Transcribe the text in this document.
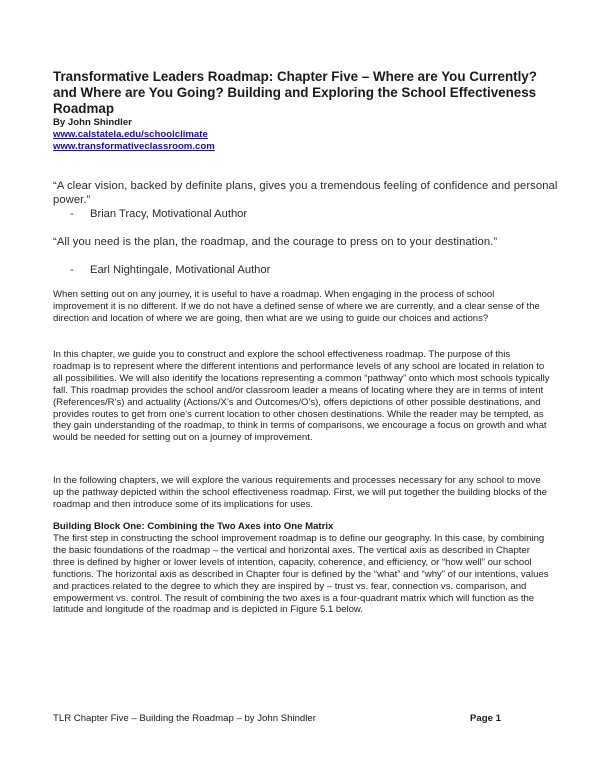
Transformative Leaders Roadmap: Chapter Five – Where are You Currently? and Where are You Going? Building and Exploring the School Effectiveness Roadmap
By John Shindler
www.calstatela.edu/schoolclimate
www.transformativeclassroom.com
“A clear vision, backed by definite plans, gives you a tremendous feeling of confidence and personal power.”
- Brian Tracy, Motivational Author
“All you need is the plan, the roadmap, and the courage to press on to your destination.”
- Earl Nightingale, Motivational Author
When setting out on any journey, it is useful to have a roadmap. When engaging in the process of school improvement it is no different. If we do not have a defined sense of where we are currently, and a clear sense of the direction and location of where we are going, then what are we using to guide our choices and actions?
In this chapter, we guide you to construct and explore the school effectiveness roadmap. The purpose of this roadmap is to represent where the different intentions and performance levels of any school are located in relation to all possibilities. We will also identify the locations representing a common “pathway” onto which most schools typically fall. This roadmap provides the school and/or classroom leader a means of locating where they are in terms of intent (References/R’s) and actuality (Actions/X’s and Outcomes/O’s), offers depictions of other possible destinations, and provides routes to get from one’s current location to other chosen destinations. While the reader may be tempted, as they gain understanding of the roadmap, to think in terms of comparisons, we encourage a focus on growth and what would be needed for setting out on a journey of improvement.
In the following chapters, we will explore the various requirements and processes necessary for any school to move up the pathway depicted within the school effectiveness roadmap. First, we will put together the building blocks of the roadmap and then introduce some of its implications for uses.
Building Block One: Combining the Two Axes into One Matrix
The first step in constructing the school improvement roadmap is to define our geography. In this case, by combining the basic foundations of the roadmap – the vertical and horizontal axes. The vertical axis as described in Chapter three is defined by higher or lower levels of intention, capacity, coherence, and efficiency, or “how well” our school functions. The horizontal axis as described in Chapter four is defined by the “what” and “why” of our intentions, values and practices related to the degree to which they are inspired by – trust vs. fear, connection vs. comparison, and empowerment vs. control. The result of combining the two axes is a four-quadrant matrix which will function as the latitude and longitude of the roadmap and is depicted in Figure 5.1 below.
TLR Chapter Five – Building the Roadmap – by John Shindler	Page 1
